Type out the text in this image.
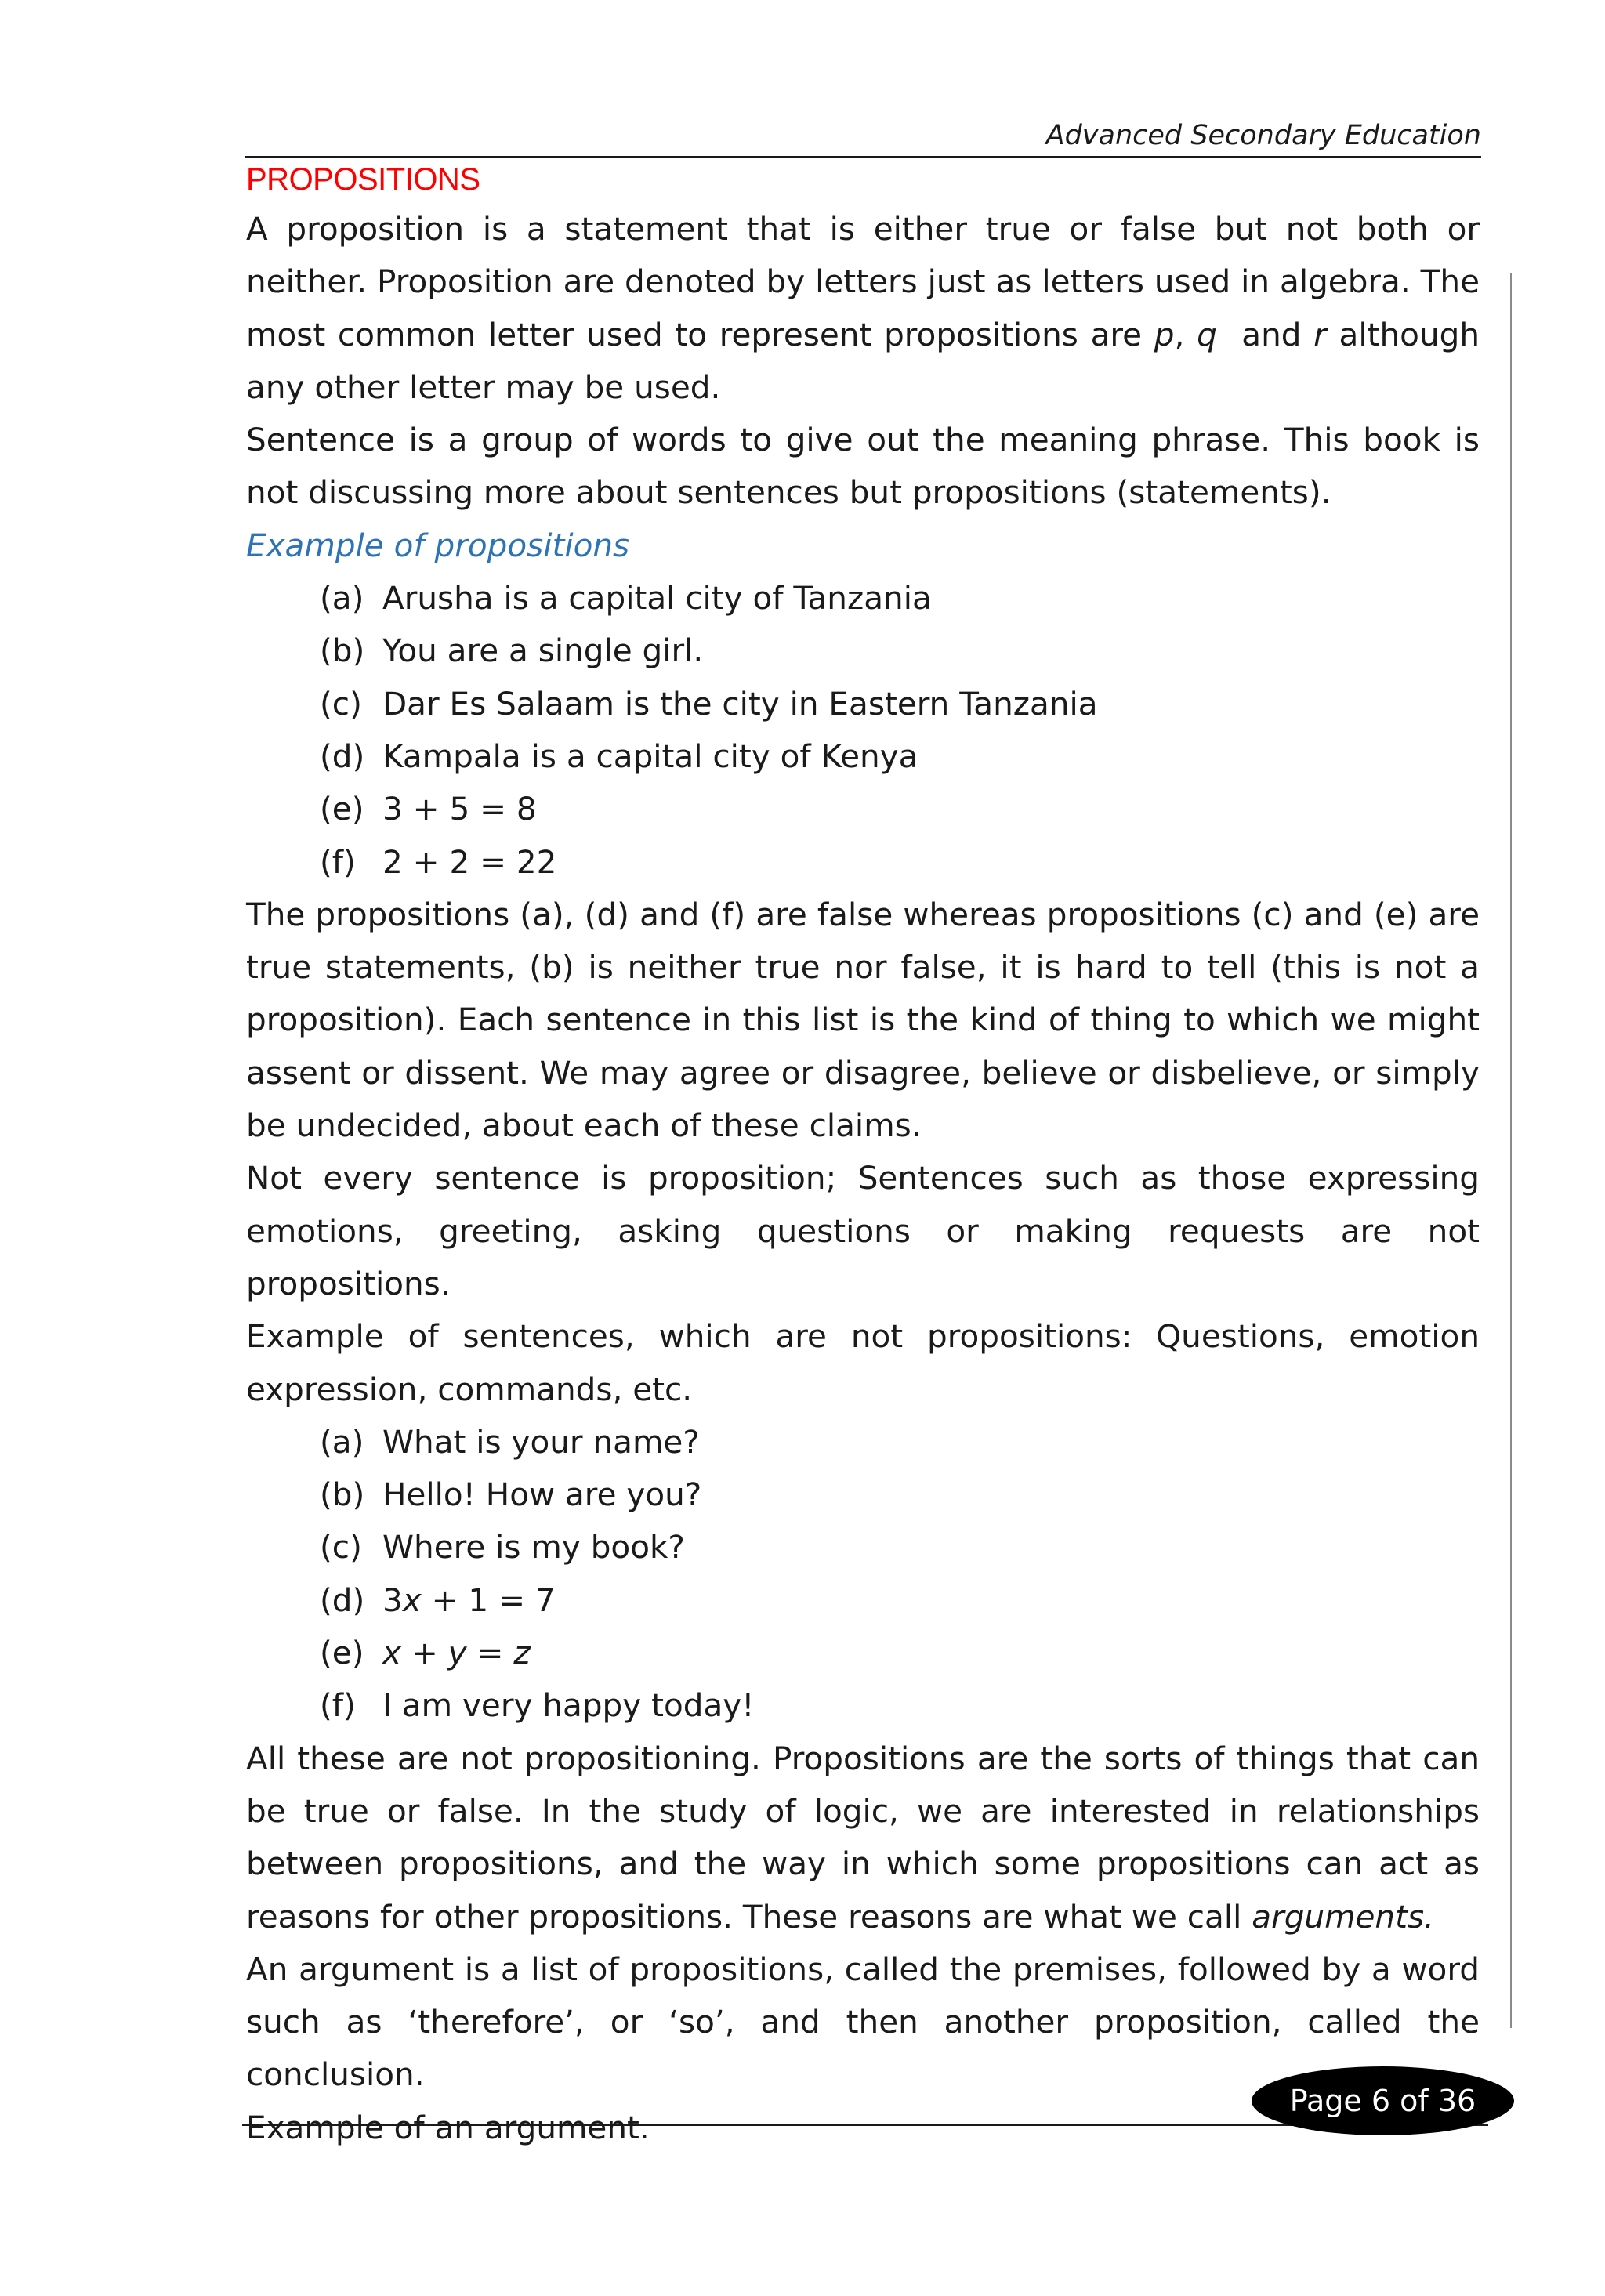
Advanced Secondary Education
PROPOSITIONS

A proposition is a statement that is either true or false but not both or neither. Proposition are denoted by letters just as letters used in algebra. The most common letter used to represent propositions are p, q and r although any other letter may be used.

Sentence is a group of words to give out the meaning phrase. This book is not discussing more about sentences but propositions (statements).

Example of propositions

(a) Arusha is a capital city of Tanzania
(b) You are a single girl.
(c) Dar Es Salaam is the city in Eastern Tanzania
(d) Kampala is a capital city of Kenya
(e) 3 + 5 = 8
(f) 2 + 2 = 22

The propositions (a), (d) and (f) are false whereas propositions (c) and (e) are true statements, (b) is neither true nor false, it is hard to tell (this is not a proposition). Each sentence in this list is the kind of thing to which we might assent or dissent. We may agree or disagree, believe or disbelieve, or simply be undecided, about each of these claims.

Not every sentence is proposition; Sentences such as those expressing emotions, greeting, asking questions or making requests are not propositions.

Example of sentences, which are not propositions: Questions, emotion expression, commands, etc.

(a) What is your name?
(b) Hello! How are you?
(c) Where is my book?
(d) 3x + 1 = 7
(e) x + y = z
(f) I am very happy today!

All these are not propositioning. Propositions are the sorts of things that can be true or false. In the study of logic, we are interested in relationships between propositions, and the way in which some propositions can act as reasons for other propositions. These reasons are what we call arguments.

An argument is a list of propositions, called the premises, followed by a word such as ‘therefore’, or ‘so’, and then another proposition, called the conclusion.

Example of an argument.

Page 6 of 36
